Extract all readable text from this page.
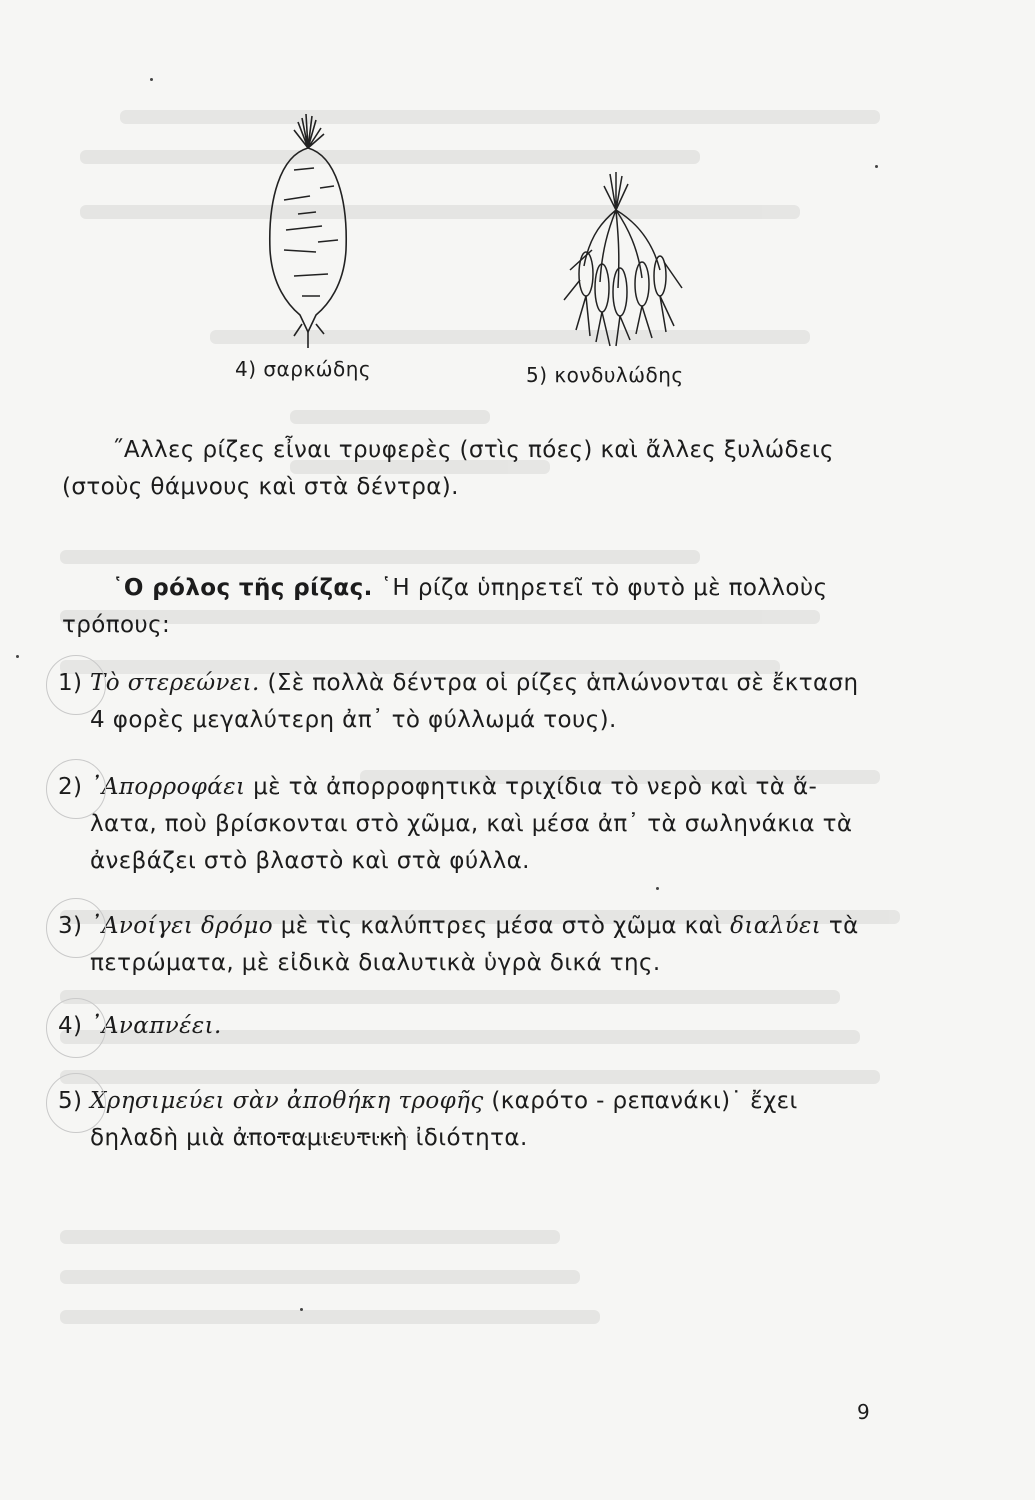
4) σαρκώδης	5) κονδυλώδης
˝Αλλες ρίζες εἶναι τρυφερὲς (στὶς πόες) καὶ ἄλλες ξυλώδεις
(στοὺς θάμνους καὶ στὰ δέντρα).
῾Ο ρόλος τῆς ρίζας. ῾Η ρίζα ὑπηρετεῖ τὸ φυτὸ μὲ πολλοὺς
τρόπους:
1) Τὸ στερεώνει. (Σὲ πολλὰ δέντρα οἱ ρίζες ἁπλώνονται σὲ ἔκταση
4 φορὲς μεγαλύτερη ἀπ᾽ τὸ φύλλωμά τους).
2) ᾽Απορροφάει μὲ τὰ ἀπορροφητικὰ τριχίδια τὸ νερὸ καὶ τὰ ἅ-
λατα, ποὺ βρίσκονται στὸ χῶμα, καὶ μέσα ἀπ᾽ τὰ σωληνάκια τὰ
ἀνεβάζει στὸ βλαστὸ καὶ στὰ φύλλα.
3) ᾽Ανοίγει δρόμο μὲ τὶς καλύπτρες μέσα στὸ χῶμα καὶ διαλύει τὰ
πετρώματα, μὲ εἰδικὰ διαλυτικὰ ὑγρὰ δικά της.
4) ᾽Αναπνέει.
5) Χρησιμεύει σὰν ἀποθήκη τροφῆς (καρότο - ρεπανάκι)˙ ἔχει
δηλαδὴ μιὰ ἀποταμιευτικὴ ἰδιότητα.
9
